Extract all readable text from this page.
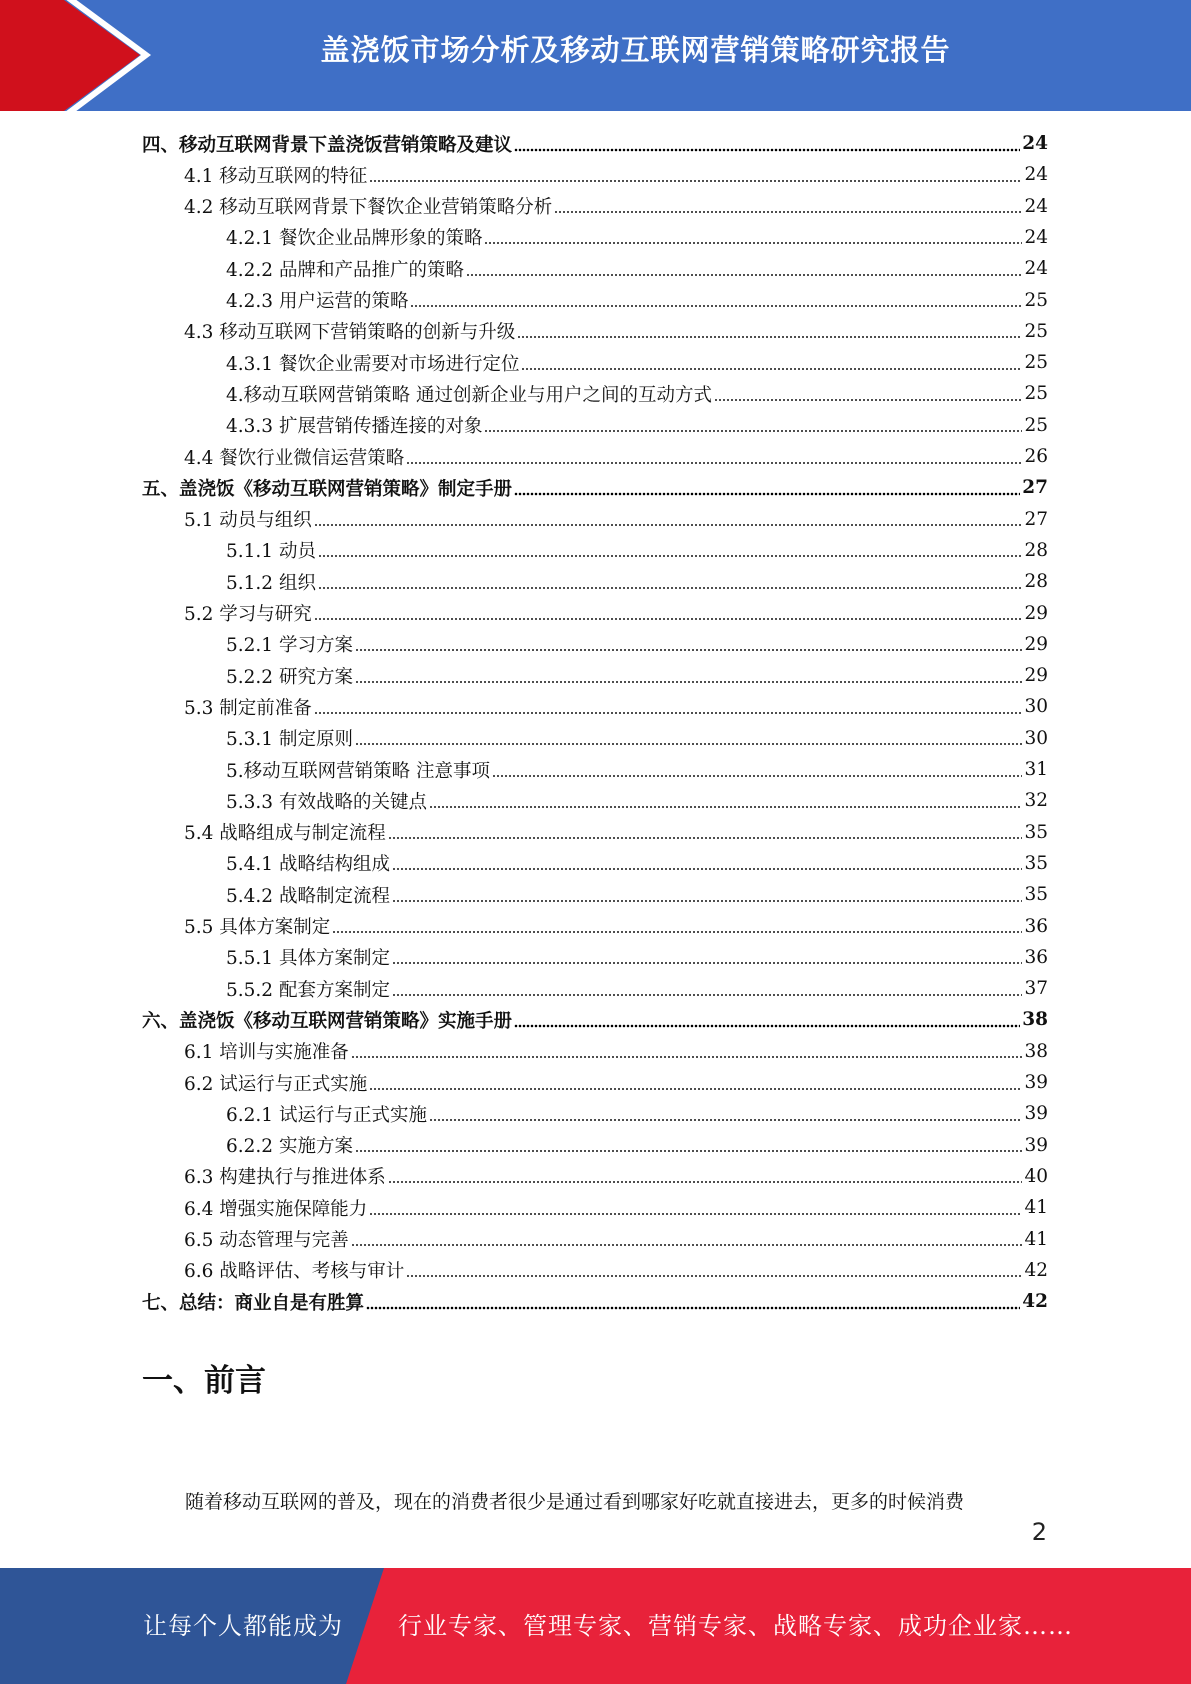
盖浇饭市场分析及移动互联网营销策略研究报告
四、移动互联网背景下盖浇饭营销策略及建议	24
4.1 移动互联网的特征	24
4.2 移动互联网背景下餐饮企业营销策略分析	24
4.2.1 餐饮企业品牌形象的策略	24
4.2.2 品牌和产品推广的策略	24
4.2.3 用户运营的策略	25
4.3 移动互联网下营销策略的创新与升级	25
4.3.1 餐饮企业需要对市场进行定位	25
4.移动互联网营销策略 通过创新企业与用户之间的互动方式	25
4.3.3 扩展营销传播连接的对象	25
4.4 餐饮行业微信运营策略	26
五、盖浇饭《移动互联网营销策略》制定手册	27
5.1 动员与组织	27
5.1.1 动员	28
5.1.2 组织	28
5.2 学习与研究	29
5.2.1 学习方案	29
5.2.2 研究方案	29
5.3 制定前准备	30
5.3.1 制定原则	30
5.移动互联网营销策略 注意事项	31
5.3.3 有效战略的关键点	32
5.4 战略组成与制定流程	35
5.4.1 战略结构组成	35
5.4.2 战略制定流程	35
5.5 具体方案制定	36
5.5.1 具体方案制定	36
5.5.2 配套方案制定	37
六、盖浇饭《移动互联网营销策略》实施手册	38
6.1 培训与实施准备	38
6.2 试运行与正式实施	39
6.2.1 试运行与正式实施	39
6.2.2 实施方案	39
6.3 构建执行与推进体系	40
6.4 增强实施保障能力	41
6.5 动态管理与完善	41
6.6 战略评估、考核与审计	42
七、总结：商业自是有胜算	42
一、前言
随着移动互联网的普及，现在的消费者很少是通过看到哪家好吃就直接进去，更多的时候消费
2
让每个人都能成为 行业专家、管理专家、营销专家、战略专家、成功企业家……
